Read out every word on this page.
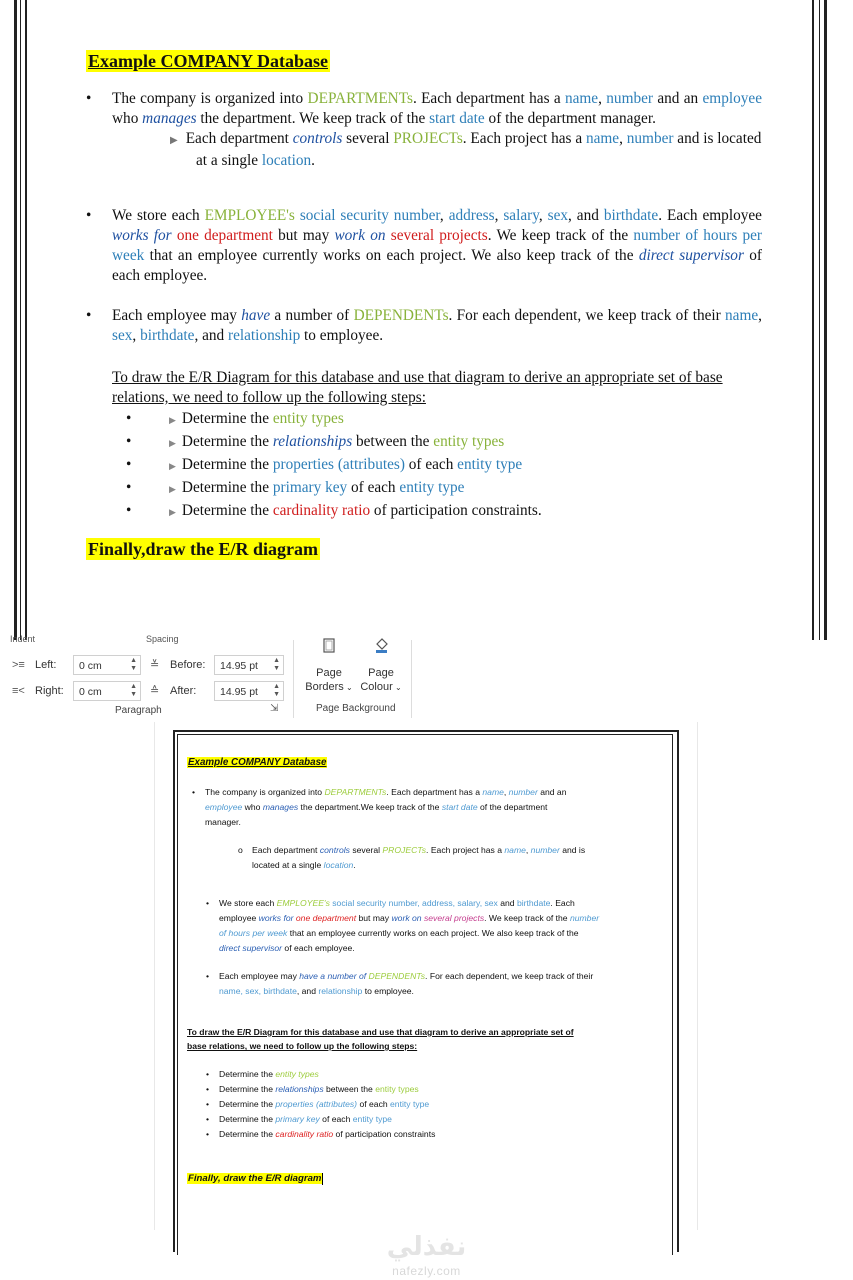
Example COMPANY Database
• The company is organized into DEPARTMENTs. Each department has a name, number and an employee who manages the department. We keep track of the start date of the department manager.
▶ Each department controls several PROJECTs. Each project has a name, number and is located at a single location.
• We store each EMPLOYEE's social security number, address, salary, sex, and birthdate. Each employee works for one department but may work on several projects. We keep track of the number of hours per week that an employee currently works on each project. We also keep track of the direct supervisor of each employee.
• Each employee may have a number of DEPENDENTs. For each dependent, we keep track of their name, sex, birthdate, and relationship to employee.
To draw the E/R Diagram for this database and use that diagram to derive an appropriate set of base relations, we need to follow up the following steps:
•	▶ Determine the entity types
•	▶ Determine the relationships between the entity types
•	▶ Determine the properties (attributes) of each entity type
•	▶ Determine the primary key of each entity type
•	▶ Determine the cardinality ratio of participation constraints.
Finally,draw the E/R diagram
Indent	Spacing
>≡ Left:	0 cm	▲
▼
≡< Right:	0 cm	▲
▼
≚ Before:	14.95 pt ▲
▼
≙ After:	14.95 pt ▲
▼
Paragraph	⇲
Page
Borders ⌄
Page
Colour ⌄
Page Background
Example COMPANY Database
• The company is organized into DEPARTMENTs. Each department has a name, number and an
employee who manages the department.We keep track of the start date of the department
manager.
o Each department controls several PROJECTs. Each project has a name, number and is
located at a single location.
• We store each EMPLOYEE's social security number, address, salary, sex and birthdate. Each
employee works for one department but may work on several projects. We keep track of the number
of hours per week that an employee currently works on each project. We also keep track of the
direct supervisor of each employee.
• Each employee may have a number of DEPENDENTs. For each dependent, we keep track of their
name, sex, birthdate, and relationship to employee.
To draw the E/R Diagram for this database and use that diagram to derive an appropriate set of
base relations, we need to follow up the following steps:
• Determine the entity types
• Determine the relationships between the entity types
• Determine the properties (attributes) of each entity type
• Determine the primary key of each entity type
• Determine the cardinality ratio of participation constraints
Finally, draw the E/R diagram
نفذلي
nafezly.com
